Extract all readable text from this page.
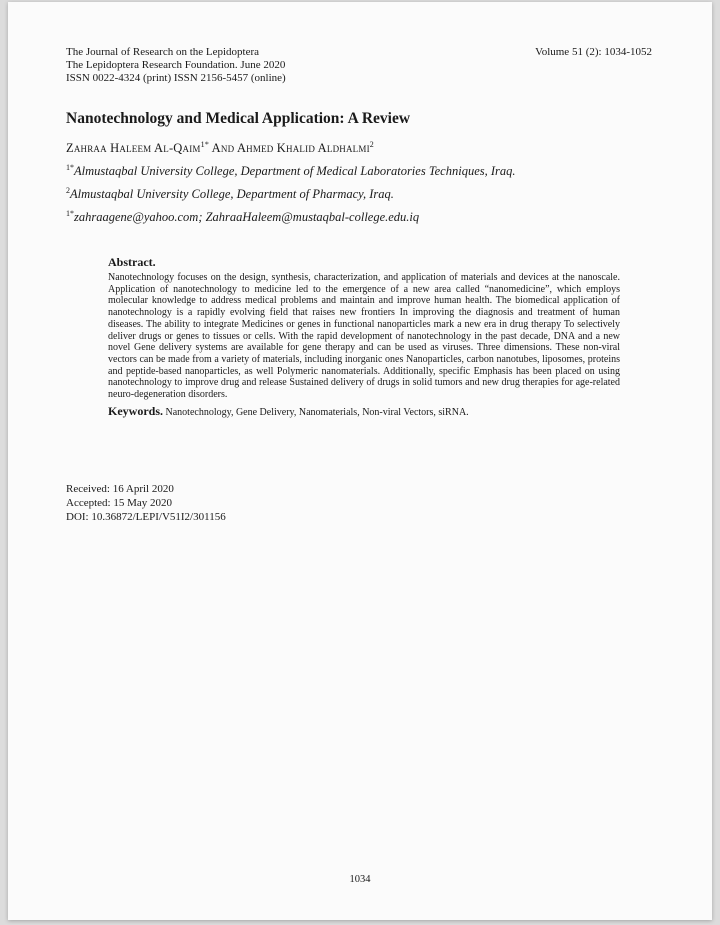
The Journal of Research on the Lepidoptera
The Lepidoptera Research Foundation. June 2020
ISSN 0022-4324 (print) ISSN 2156-5457 (online)
Volume 51 (2): 1034-1052
Nanotechnology and Medical Application: A Review
Zahraa Haleem Al-Qaim$^{1*}$ And Ahmed Khalid Aldhalmi$^2$
$^{1*}$Almustaqbal University College, Department of Medical Laboratories Techniques, Iraq.
$^2$Almustaqbal University College, Department of Pharmacy, Iraq.
$^{1*}$zahraagene@yahoo.com; ZahraaHaleem@mustaqbal-college.edu.iq
Abstract.

Nanotechnology focuses on the design, synthesis, characterization, and application of materials and devices at the nanoscale. Application of nanotechnology to medicine led to the emergence of a new area called “nanomedicine”, which employs molecular knowledge to address medical problems and maintain and improve human health. The biomedical application of nanotechnology is a rapidly evolving field that raises new frontiers In improving the diagnosis and treatment of human diseases. The ability to integrate Medicines or genes in functional nanoparticles mark a new era in drug therapy To selectively deliver drugs or genes to tissues or cells. With the rapid development of nanotechnology in the past decade, DNA and a new novel Gene delivery systems are available for gene therapy and can be used as viruses. Three dimensions. These non-viral vectors can be made from a variety of materials, including inorganic ones Nanoparticles, carbon nanotubes, liposomes, proteins and peptide-based nanoparticles, as well Polymeric nanomaterials. Additionally, specific Emphasis has been placed on using nanotechnology to improve drug and release Sustained delivery of drugs in solid tumors and new drug therapies for age-related neuro-degeneration disorders.

Keywords. Nanotechnology, Gene Delivery, Nanomaterials, Non-viral Vectors, siRNA.
Received: 16 April 2020
Accepted: 15 May 2020
DOI: 10.36872/LEPI/V51I2/301156
1034
